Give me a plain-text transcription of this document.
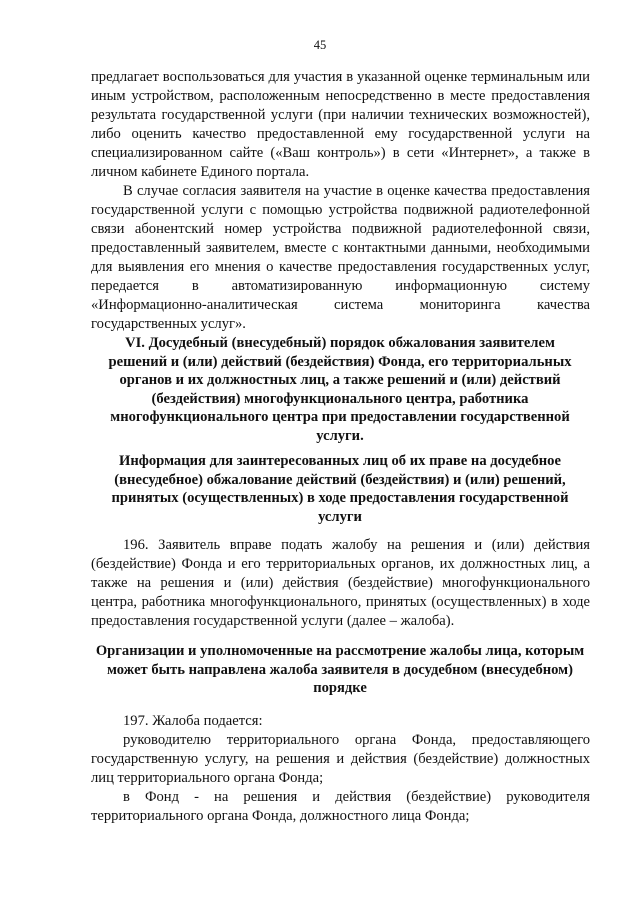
45

предлагает воспользоваться для участия в указанной оценке терминальным или иным устройством, расположенным непосредственно в месте предоставления результата государственной услуги (при наличии технических возможностей), либо оценить качество предоставленной ему государственной услуги на специализированном сайте («Ваш контроль») в сети «Интернет», а также в личном кабинете Единого портала.

В случае согласия заявителя на участие в оценке качества предоставления государственной услуги с помощью устройства подвижной радиотелефонной связи абонентский номер устройства подвижной радиотелефонной связи, предоставленный заявителем, вместе с контактными данными, необходимыми для выявления его мнения о качестве предоставления государственных услуг, передается в автоматизированную информационную систему «Информационно-аналитическая система мониторинга качества государственных услуг».

VI. Досудебный (внесудебный) порядок обжалования заявителем решений и (или) действий (бездействия) Фонда, его территориальных органов и их должностных лиц, а также решений и (или) действий (бездействия) многофункционального центра, работника многофункционального центра при предоставлении государственной услуги.
Информация для заинтересованных лиц об их праве на досудебное (внесудебное) обжалование действий (бездействия) и (или) решений, принятых (осуществленных) в ходе предоставления государственной услуги

196. Заявитель вправе подать жалобу на решения и (или) действия (бездействие) Фонда и его территориальных органов, их должностных лиц, а также на решения и (или) действия (бездействие) многофункционального центра, работника многофункционального, принятых (осуществленных) в ходе предоставления государственной услуги (далее – жалоба).

Организации и уполномоченные на рассмотрение жалобы лица, которым может быть направлена жалоба заявителя в досудебном (внесудебном) порядке

197. Жалоба подается:

руководителю территориального органа Фонда, предоставляющего государственную услугу, на решения и действия (бездействие) должностных лиц территориального органа Фонда;

в Фонд - на решения и действия (бездействие) руководителя территориального органа Фонда, должностного лица Фонда;
